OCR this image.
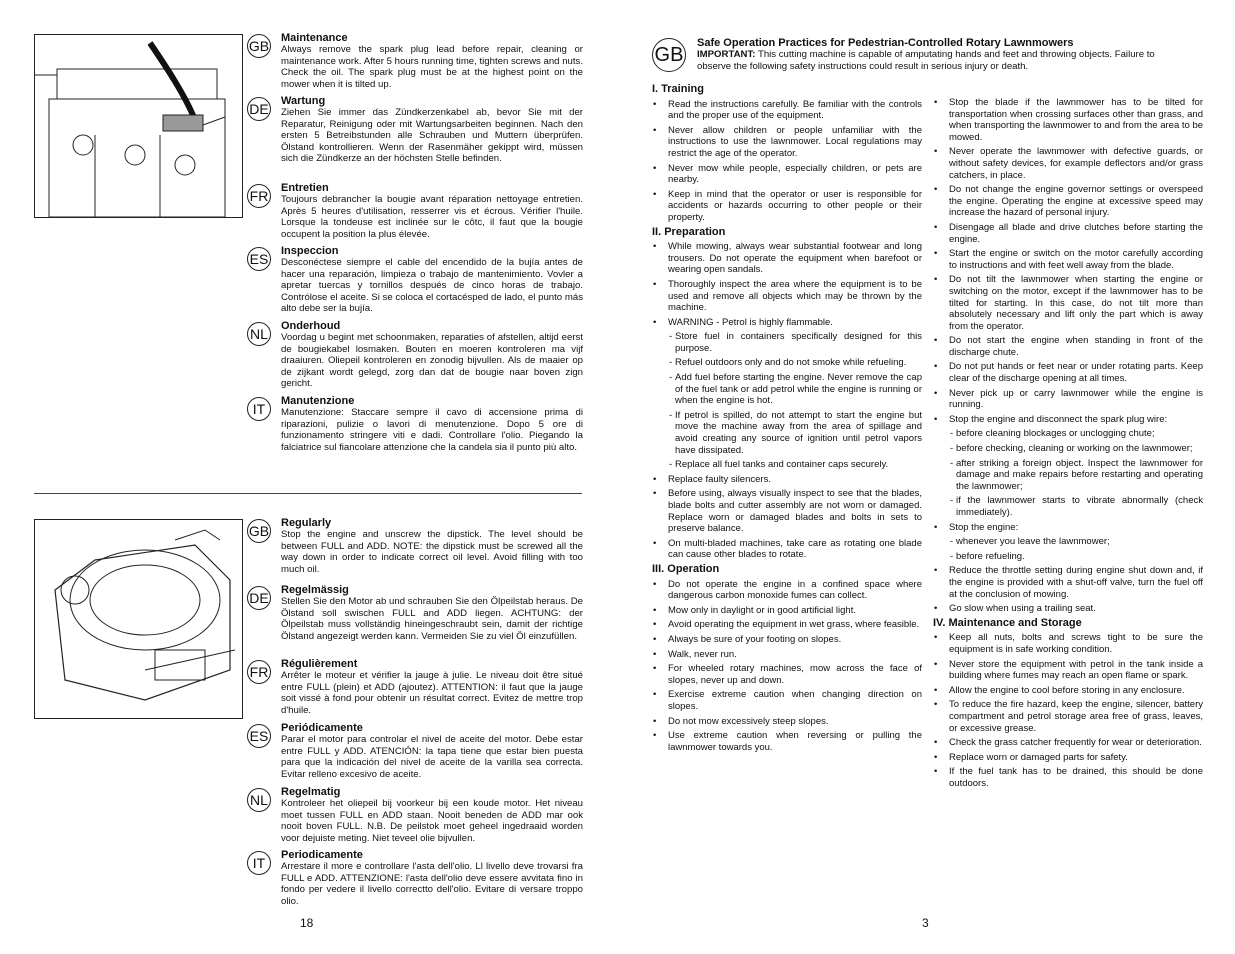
GB Maintenance

Always remove the spark plug lead before repair, cleaning or maintenance work. After 5 hours running time, tighten screws and nuts. Check the oil. The spark plug must be at the highest point on the mower when it is tilted up.

DE Wartung

Ziehen Sie immer das Zündkerzenkabel ab, bevor Sie mit der Reparatur, Reinigung oder mit Wartungsarbeiten beginnen. Nach den ersten 5 Betreibstunden alle Schrauben und Muttern überprüfen. Ölstand kontrollieren. Wenn der Rasenmäher gekippt wird, müssen sich die Zündkerze an der höchsten Stelle befinden.

FR Entretien

Toujours debrancher la bougie avant réparation nettoyage entretien. Après 5 heures d'utilisation, resserrer vis et écrous. Vérifier l'huile. Lorsque la tondeuse est inclinée sur le côtc, il faut que la bougie occupent la position la plus élevée.

ES Inspeccion

Desconéctese siempre el cable del encendido de la bujía antes de hacer una reparación, limpieza o trabajo de mantenimiento. Vovler a apretar tuercas y tornillos después de cinco horas de trabajo. Contrólose el aceite. Si se coloca el cortacésped de lado, el punto más alto debe ser la bujía.

NL Onderhoud

Voordag u begint met schoonmaken, reparaties of afstellen, altijd eerst de bougiekabel losmaken. Bouten en moeren kontroleren ma vijf draaiuren. Oliepeil kontroleren en zonodig bijvullen. Als de maaier op de zijkant wordt gelegd, zorg dan dat de bougie naar boven zign gericht.

IT	Manutenzione

Manutenzione: Staccare sempre il cavo di accensione prima di riparazioni, pulizie o lavori di menutenzione. Dopo 5 ore di funzionamento stringere viti e dadi. Controllare l'olio. Piegando la falciatrice sul fiancolare attenzione che la candela sia il punto più alto.

GB Regularly

Stop the engine and unscrew the dipstick. The level should be between FULL and ADD. NOTE: the dipstick must be screwed all the way down in order to indicate correct oil level. Avoid filling with too much oil.

DE Regelmässig

Stellen Sie den Motor ab und schrauben Sie den Ölpeilstab heraus. De Ölstand soll swischen FULL and ADD liegen. ACHTUNG: der Ölpeilstab muss vollständig hineingeschraubt sein, damit der richtige Ölstand angezeigt werden kann. Vermeiden Sie zu viel Öl einzufüllen.

FR Régulièrement

Arrêter le moteur et vérifier la jauge à julie. Le niveau doit être situé entre FULL (plein) et ADD (ajoutez). ATTENTION: il faut que la jauge soit vissé à fond pour obtenir un résultat correct. Evitez de mettre trop d'huile.

ES Periódicamente

Parar el motor para controlar el nivel de aceite del motor. Debe estar entre FULL y ADD. ATENCIÓN: la tapa tiene que estar bien puesta para que la indicación del nivel de aceite de la varilla sea correcta. Evitar relleno excesivo de aceite.

NL Regelmatig

Kontroleer het oliepeil bij voorkeur bij een koude motor. Het niveau moet tussen FULL en ADD staan. Nooit beneden de ADD mar ook nooit boven FULL. N.B. De peilstok moet geheel ingedraaid worden voor dejuiste meting. Niet teveel olie bijvullen.

IT	Periodicamente

Arrestare il more e controllare l'asta dell'olio. Ll livello deve trovarsi fra FULL e ADD. ATTENZIONE: l'asta dell'olio deve essere avvitata fino in fondo per vedere il livello correctto dell'olio. Evitare di versare troppo olio.

18
GB
Safe Operation Practices for Pedestrian-Controlled Rotary Lawnmowers
IMPORTANT: This cutting machine is capable of amputating hands and feet and throwing objects. Failure to observe the following safety instructions could result in serious injury or death.
I. Training
• Read the instructions carefully. Be familiar with the controls and the proper use of the equipment.
• Never allow children or people unfamiliar with the instructions to use the lawnmower. Local regulations may restrict the age of the operator.
• Never mow while people, especially children, or pets are nearby.
• Keep in mind that the operator or user is responsible for accidents or hazards occurring to other people or their property.
II. Preparation
• While mowing, always wear substantial footwear and long trousers. Do not operate the equipment when barefoot or wearing open sandals.
• Thoroughly inspect the area where the equipment is to be used and remove all objects which may be thrown by the machine.
• WARNING - Petrol is highly flammable.
- Store fuel in containers specifically designed for this purpose.
- Refuel outdoors only and do not smoke while refueling.
- Add fuel before starting the engine. Never remove the cap of the fuel tank or add petrol while the engine is running or when the engine is hot.
- If petrol is spilled, do not attempt to start the engine but move the machine away from the area of spillage and avoid creating any source of ignition until petrol vapors have dissipated.
- Replace all fuel tanks and container caps securely.
• Replace faulty silencers.
• Before using, always visually inspect to see that the blades, blade bolts and cutter assembly are not worn or damaged. Replace worn or damaged blades and bolts in sets to preserve balance.
• On multi-bladed machines, take care as rotating one blade can cause other blades to rotate.
III. Operation
• Do not operate the engine in a confined space where dangerous carbon monoxide fumes can collect.
• Mow only in daylight or in good artificial light.
• Avoid operating the equipment in wet grass, where feasible.
• Always be sure of your footing on slopes.
• Walk, never run.
• For wheeled rotary machines, mow across the face of slopes, never up and down.
• Exercise extreme caution when changing direction on slopes.
• Do not mow excessively steep slopes.
• Use extreme caution when reversing or pulling the lawnmower towards you.
• Stop the blade if the lawnmower has to be tilted for transportation when crossing surfaces other than grass, and when transporting the lawnmower to and from the area to be mowed.
• Never operate the lawnmower with defective guards, or without safety devices, for example deflectors and/or grass catchers, in place.
• Do not change the engine governor settings or overspeed the engine. Operating the engine at excessive speed may increase the hazard of personal injury.
• Disengage all blade and drive clutches before starting the engine.
• Start the engine or switch on the motor carefully according to instructions and with feet well away from the blade.
• Do not tilt the lawnmower when starting the engine or switching on the motor, except if the lawnmower has to be tilted for starting. In this case, do not tilt more than absolutely necessary and lift only the part which is away from the operator.
• Do not start the engine when standing in front of the discharge chute.
• Do not put hands or feet near or under rotating parts. Keep clear of the discharge opening at all times.
• Never pick up or carry lawnmower while the engine is running.
• Stop the engine and disconnect the spark plug wire:
- before cleaning blockages or unclogging chute;
- before checking, cleaning or working on the lawnmower;
- after striking a foreign object. Inspect the lawnmower for damage and make repairs before restarting and operating the lawnmower;
- if the lawnmower starts to vibrate abnormally (check immediately).
• Stop the engine:
- whenever you leave the lawnmower;
- before refueling.
• Reduce the throttle setting during engine shut down and, if the engine is provided with a shut-off valve, turn the fuel off at the conclusion of mowing.
• Go slow when using a trailing seat.
IV. Maintenance and Storage
• Keep all nuts, bolts and screws tight to be sure the equipment is in safe working condition.
• Never store the equipment with petrol in the tank inside a building where fumes may reach an open flame or spark.
• Allow the engine to cool before storing in any enclosure.
• To reduce the fire hazard, keep the engine, silencer, battery compartment and petrol storage area free of grass, leaves, or excessive grease.
• Check the grass catcher frequently for wear or deterioration.
• Replace worn or damaged parts for safety.
• If the fuel tank has to be drained, this should be done outdoors.
3
